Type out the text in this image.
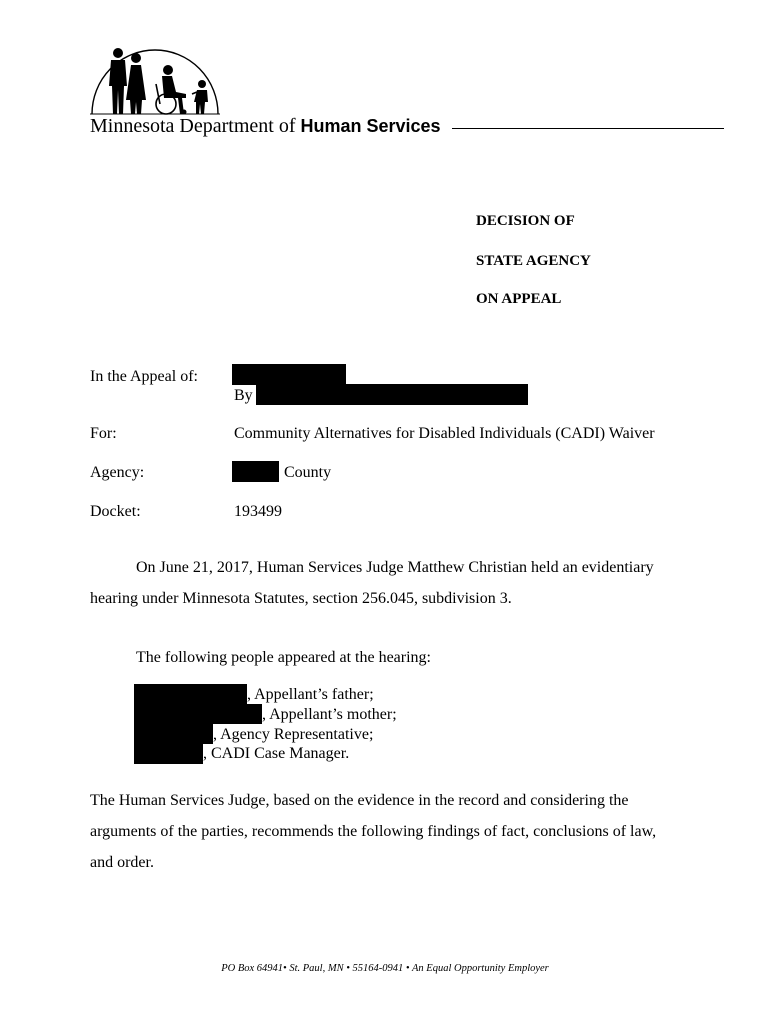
Minnesota Department of Human Services
DECISION OF
STATE AGENCY
ON APPEAL
In the Appeal of:
By
For:	Community Alternatives for Disabled Individuals (CADI) Waiver
Agency:	County
Docket:	193499
On June 21, 2017, Human Services Judge Matthew Christian held an evidentiary
hearing under Minnesota Statutes, section 256.045, subdivision 3.
The following people appeared at the hearing:
, Appellant’s father;
, Appellant’s mother;
, Agency Representative;
, CADI Case Manager.
The Human Services Judge, based on the evidence in the record and considering the
arguments of the parties, recommends the following findings of fact, conclusions of law,
and order.
PO Box 64941• St. Paul, MN • 55164-0941 • An Equal Opportunity Employer
